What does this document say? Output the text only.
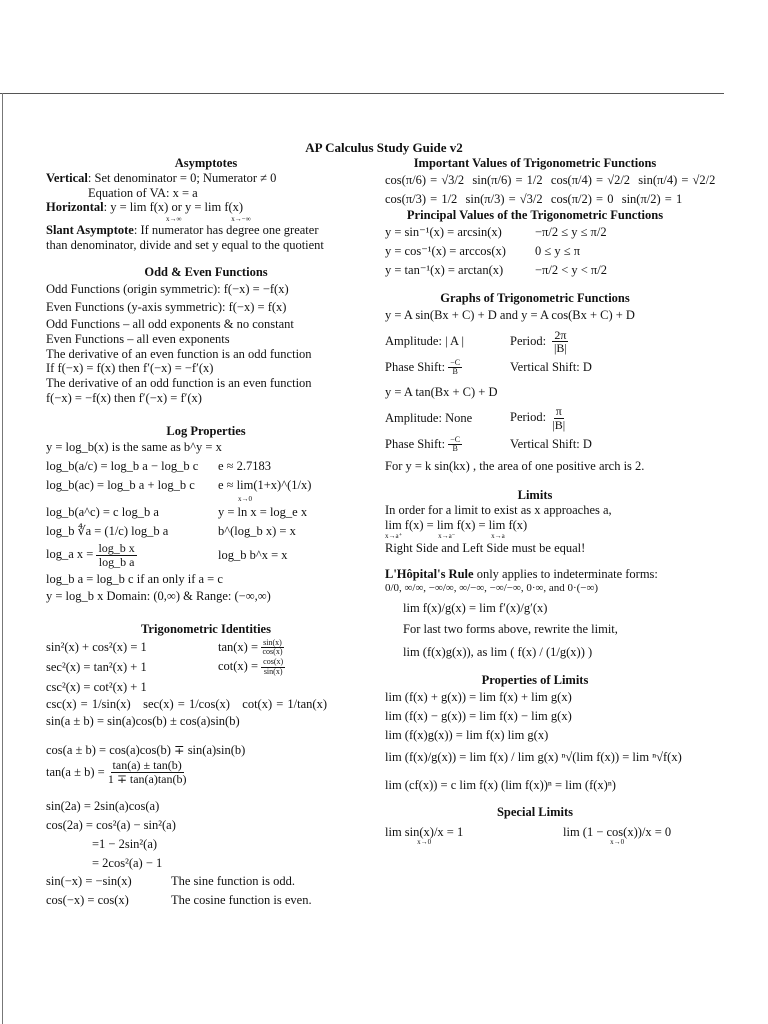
AP Calculus Study Guide v2
Asymptotes
Vertical: Set denominator = 0; Numerator ≠ 0
Equation of VA: x = a
Horizontal: y = lim f(x) or y = lim f(x)
x→∞	x→−∞
Slant Asymptote: If numerator has degree one greater
than denominator, divide and set y equal to the quotient
Odd & Even Functions
Odd Functions (origin symmetric): f(−x) = −f(x)
Even Functions (y-axis symmetric): f(−x) = f(x)
Odd Functions – all odd exponents & no constant
Even Functions – all even exponents
The derivative of an even function is an odd function
If f(−x) = f(x) then f′(−x) = −f′(x)
The derivative of an odd function is an even function
f(−x) = −f(x) then f′(−x) = f′(x)
Log Properties
y = log_b(x) is the same as b^y = x
log_b(a/c) = log_b a − log_b c	e ≈ 2.7183
log_b(ac) = log_b a + log_b c	e ≈ lim(1+x)^(1/x)
x→0
log_b(a^c) = c log_b a	y = ln x = log_e x
log_b ∜a = (1/c) log_b a	b^(log_b x) = x
log_a $x = \frac{\text{log\_b x}}{\text{log\_b a}}$	log_b b^x = x
log_b a = log_b c if an only if a = c
y = log_b x Domain: (0,∞) & Range: (−∞,∞)
Trigonometric Identities
sin²(x) + cos²(x) = 1	$\tan(x) = \frac{\sin(x)}{\cos(x)}$
sec²(x) = tan²(x) + 1	$\cot(x) = \frac{\cos(x)}{\sin(x)}$
csc²(x) = cot²(x) + 1
csc(x) = 1/sin(x) sec(x) = 1/cos(x) cot(x) = 1/tan(x)
sin(a ± b) = sin(a)cos(b) ± cos(a)sin(b)
cos(a ± b) = cos(a)cos(b) ∓ sin(a)sin(b)
tan(a ± b) =
$\frac{\tan(a) \pm \tan(b)}{1 \mp \tan(a)\tan(b)}$
sin(2a) = 2sin(a)cos(a)
cos(2a) = cos²(a) − sin²(a)
=1 − 2sin²(a)
= 2cos²(a) − 1
sin(−x) = −sin(x)	The sine function is odd.
cos(−x) = cos(x)	The cosine function is even.
Important Values of Trigonometric Functions
cos(π/6) = √3/2 sin(π/6) = 1/2 cos(π/4) = √2/2 sin(π/4) = √2/2
cos(π/3) = 1/2 sin(π/3) = √3/2 cos(π/2) = 0 sin(π/2) = 1
Principal Values of the Trigonometric Functions
y = sin⁻¹(x) = arcsin(x)	−π/2 ≤ y ≤ π/2
y = cos⁻¹(x) = arccos(x)	0 ≤ y ≤ π
y = tan⁻¹(x) = arctan(x)	−π/2 < y < π/2
Graphs of Trigonometric Functions
y = A sin(Bx + C) + D and y = A cos(Bx + C) + D
Amplitude: | A |	Period: $\frac{2\pi}{|B|}$
Phase Shift: $\frac{-C}{B}$	Vertical Shift: D
y = A tan(Bx + C) + D
Amplitude: None	Period: $\frac{\pi}{|B|}$
Phase Shift: $\frac{-C}{B}$	Vertical Shift: D
For y = k sin(kx) , the area of one positive arch is 2.
Limits
In order for a limit to exist as x approaches a,
lim f(x) = lim f(x) = lim f(x)
x→a⁺	x→a⁻	x→a
Right Side and Left Side must be equal!
L'Hôpital's Rule only applies to indeterminate forms:
0/0, ∞/∞, −∞/∞, ∞/−∞, −∞/−∞, 0·∞, and 0·(−∞)
lim f(x)/g(x) = lim f′(x)/g′(x)
For last two forms above, rewrite the limit,
lim (f(x)g(x)), as lim ( f(x) / (1/g(x)) )
Properties of Limits
lim (f(x) + g(x)) = lim f(x) + lim g(x)
lim (f(x) − g(x)) = lim f(x) − lim g(x)
lim (f(x)g(x)) = lim f(x) lim g(x)
lim (f(x)/g(x)) = lim f(x) / lim g(x) ⁿ√(lim f(x)) = lim ⁿ√f(x)
lim (cf(x)) = c lim f(x) (lim f(x))ⁿ = lim (f(x)ⁿ)
Special Limits
lim sin(x)/x = 1
x→0
lim (1 − cos(x))/x = 0
x→0
